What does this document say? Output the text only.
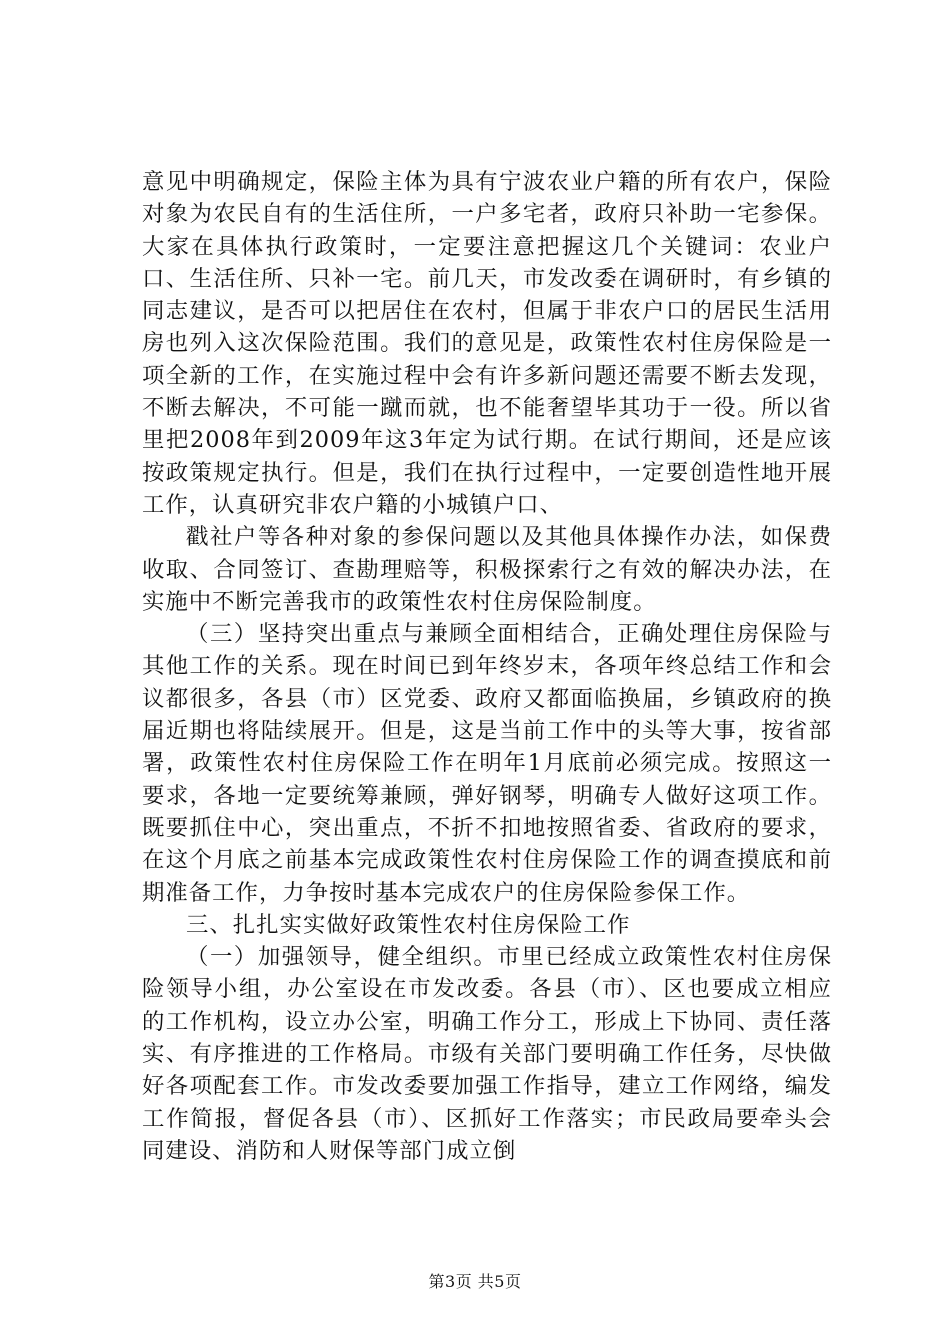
意见中明确规定，保险主体为具有宁波农业户籍的所有农户，保险对象为农民自有的生活住所，一户多宅者，政府只补助一宅参保。大家在具体执行政策时，一定要注意把握这几个关键词：农业户口、生活住所、只补一宅。前几天，市发改委在调研时，有乡镇的同志建议，是否可以把居住在农村，但属于非农户口的居民生活用房也列入这次保险范围。我们的意见是，政策性农村住房保险是一项全新的工作，在实施过程中会有许多新问题还需要不断去发现，不断去解决，不可能一蹴而就，也不能奢望毕其功于一役。所以省里把2008年到2009年这3年定为试行期。在试行期间，还是应该按政策规定执行。但是，我们在执行过程中，一定要创造性地开展工作，认真研究非农户籍的小城镇户口、

戳社户等各种对象的参保问题以及其他具体操作办法，如保费收取、合同签订、查勘理赔等，积极探索行之有效的解决办法，在实施中不断完善我市的政策性农村住房保险制度。

（三）坚持突出重点与兼顾全面相结合，正确处理住房保险与其他工作的关系。现在时间已到年终岁末，各项年终总结工作和会议都很多，各县（市）区党委、政府又都面临换届，乡镇政府的换届近期也将陆续展开。但是，这是当前工作中的头等大事，按省部署，政策性农村住房保险工作在明年1月底前必须完成。按照这一要求，各地一定要统筹兼顾，弹好钢琴，明确专人做好这项工作。既要抓住中心，突出重点，不折不扣地按照省委、省政府的要求，在这个月底之前基本完成政策性农村住房保险工作的调查摸底和前期准备工作，力争按时基本完成农户的住房保险参保工作。

三、扎扎实实做好政策性农村住房保险工作

（一）加强领导，健全组织。市里已经成立政策性农村住房保险领导小组，办公室设在市发改委。各县（市）、区也要成立相应的工作机构，设立办公室，明确工作分工，形成上下协同、责任落实、有序推进的工作格局。市级有关部门要明确工作任务，尽快做好各项配套工作。市发改委要加强工作指导，建立工作网络，编发工作简报，督促各县（市）、区抓好工作落实；市民政局要牵头会同建设、消防和人财保等部门成立倒

第3页 共5页
